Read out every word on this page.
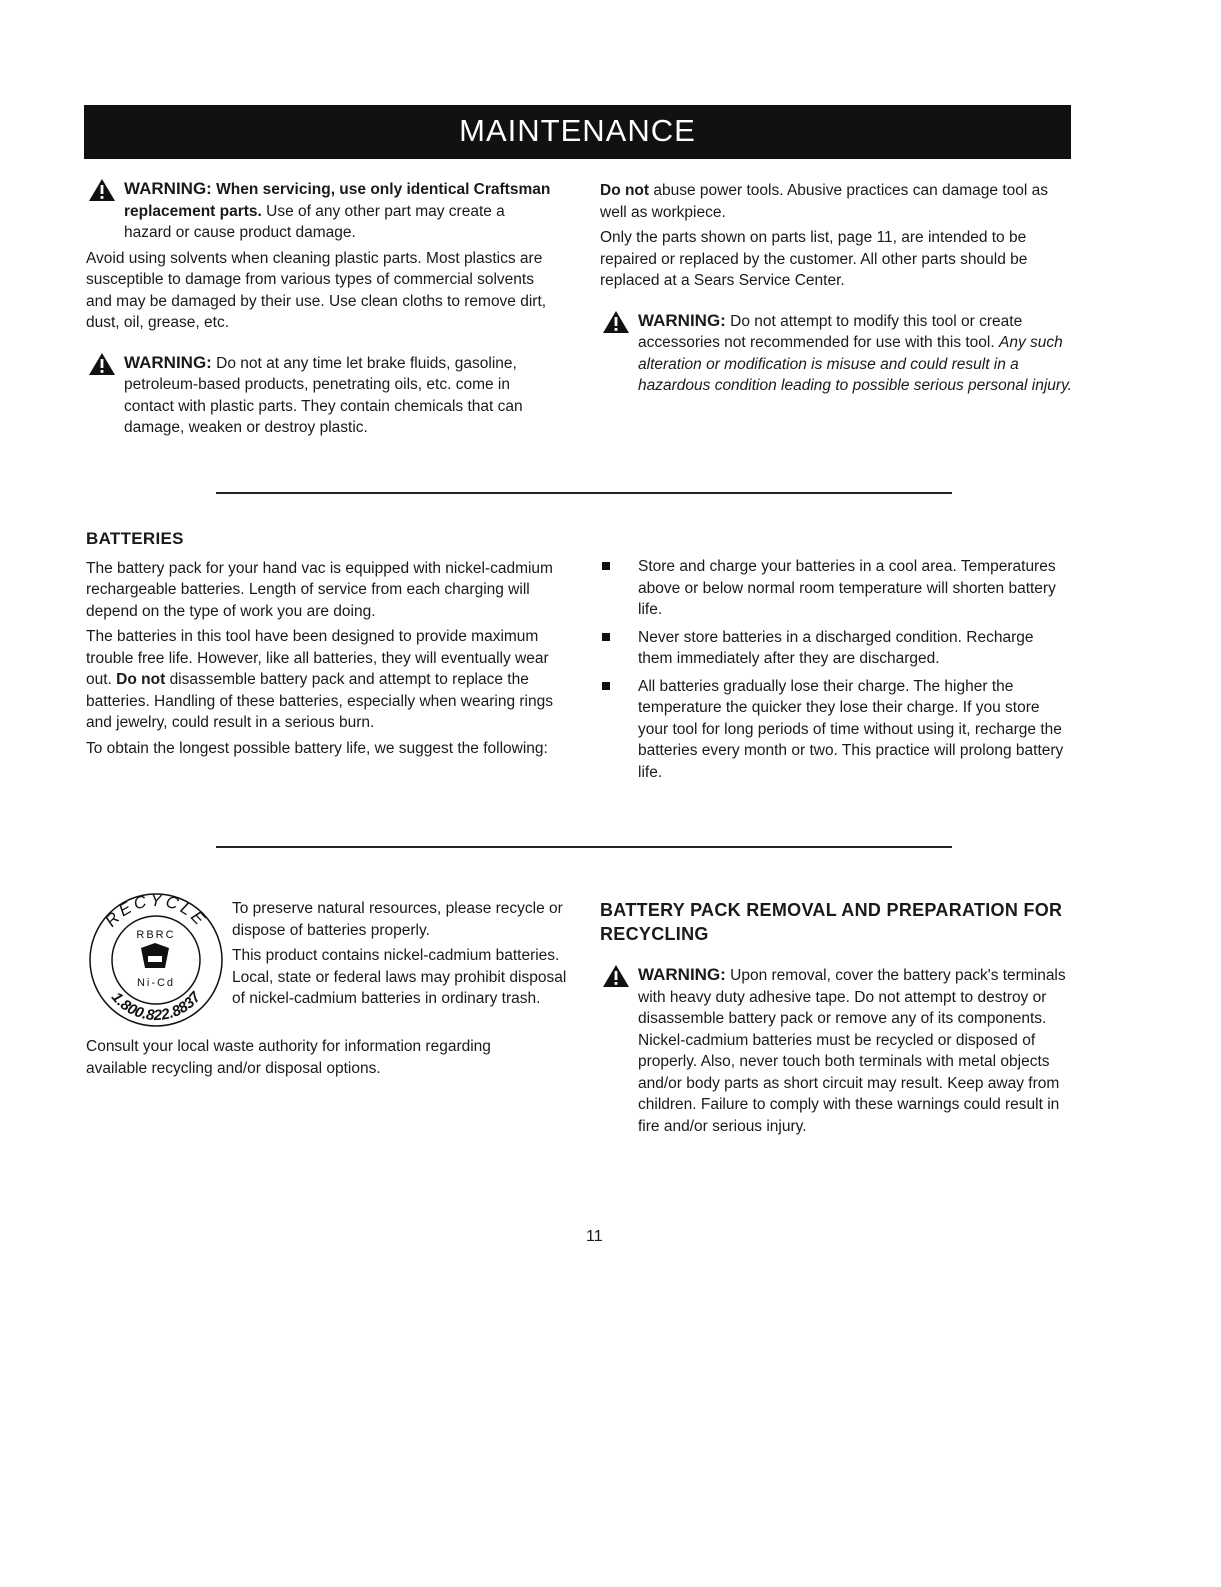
MAINTENANCE

WARNING: When servicing, use only identical Craftsman replacement parts. Use of any other part may create a hazard or cause product damage.

Avoid using solvents when cleaning plastic parts. Most plastics are susceptible to damage from various types of commercial solvents and may be damaged by their use. Use clean cloths to remove dirt, dust, oil, grease, etc.

WARNING: Do not at any time let brake fluids, gasoline, petroleum-based products, penetrating oils, etc. come in contact with plastic parts. They contain chemicals that can damage, weaken or destroy plastic.

Do not abuse power tools. Abusive practices can damage tool as well as workpiece.

Only the parts shown on parts list, page 11, are intended to be repaired or replaced by the customer. All other parts should be replaced at a Sears Service Center.

WARNING: Do not attempt to modify this tool or create accessories not recommended for use with this tool. Any such alteration or modification is misuse and could result in a hazardous condition leading to possible serious personal injury.

BATTERIES

The battery pack for your hand vac is equipped with nickel-cadmium rechargeable batteries. Length of service from each charging will depend on the type of work you are doing.

The batteries in this tool have been designed to provide maximum trouble free life. However, like all batteries, they will eventually wear out. Do not disassemble battery pack and attempt to replace the batteries. Handling of these batteries, especially when wearing rings and jewelry, could result in a serious burn.

To obtain the longest possible battery life, we suggest the following:

Store and charge your batteries in a cool area. Temperatures above or below normal room temperature will shorten battery life.
Never store batteries in a discharged condition. Recharge them immediately after they are discharged.
All batteries gradually lose their charge. The higher the temperature the quicker they lose their charge. If you store your tool for long periods of time without using it, recharge the batteries every month or two. This practice will prolong battery life.
RECYCLE
1.800.822.8837
RBRC
Ni-Cd

To preserve natural resources, please recycle or dispose of batteries properly.

This product contains nickel-cadmium batteries. Local, state or federal laws may prohibit disposal of nickel-cadmium batteries in ordinary trash.

Consult your local waste authority for information regarding available recycling and/or disposal options.

BATTERY PACK REMOVAL AND PREPARATION FOR RECYCLING

WARNING: Upon removal, cover the battery pack's terminals with heavy duty adhesive tape. Do not attempt to destroy or disassemble battery pack or remove any of its components. Nickel-cadmium batteries must be recycled or disposed of properly. Also, never touch both terminals with metal objects and/or body parts as short circuit may result. Keep away from children. Failure to comply with these warnings could result in fire and/or serious injury.

11
